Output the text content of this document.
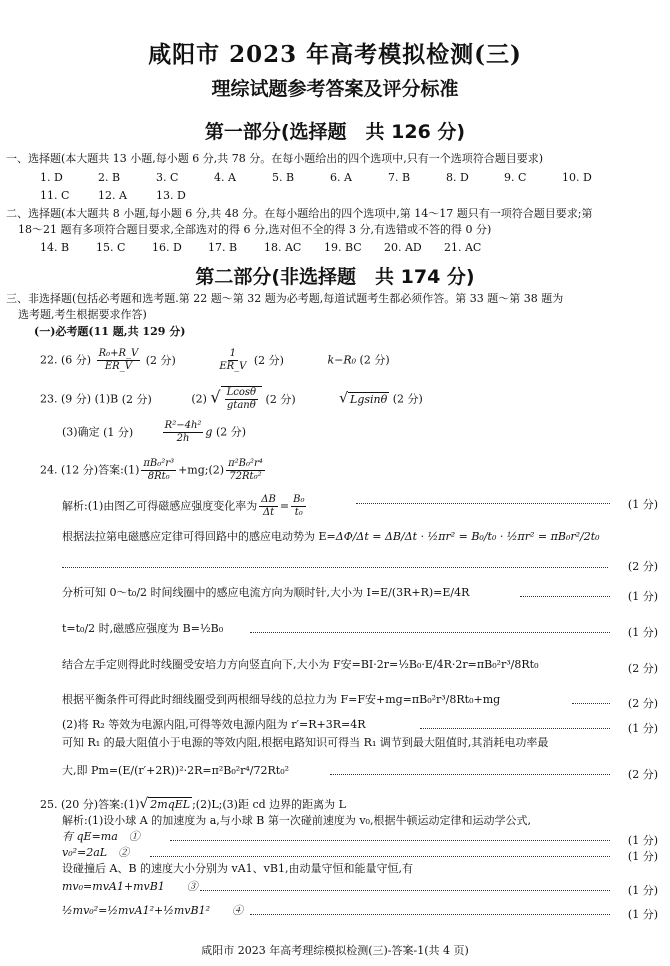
咸阳市 2023 年高考模拟检测(三)
理综试题参考答案及评分标准
第一部分(选择题　共 126 分)
一、选择题(本大题共 13 小题,每小题 6 分,共 78 分。在每小题给出的四个选项中,只有一个选项符合题目要求)
1. D	2. B	3. C	4. A	5. B	6. A	7. B	8. D	9. C	10. D
11. C	12. A	13. D
二、选择题(本大题共 8 小题,每小题 6 分,共 48 分。在每小题给出的四个选项中,第 14～17 题只有一项符合题目要求;第
18～21 题有多项符合题目要求,全部选对的得 6 分,选对但不全的得 3 分,有选错或不答的得 0 分)
14. B 15. C 16. D 17. B 18. AC 19. BC 20. AD 21. AC
第二部分(非选择题　共 174 分)
三、非选择题(包括必考题和选考题.第 22 题～第 32 题为必考题,每道试题考生都必须作答。第 33 题～第 38 题为
选考题,考生根据要求作答)
(一)必考题(11 题,共 129 分)
22. (6 分) $\frac{\text{R₀+R\_V}}{ER\_V} (2$ 分)	$\frac{1}{ER\_V} (2$ 分)	k−R₀ (2 分)
23. (9 分) (1)B (2 分)	(2) √ $\frac{Lcos\theta}{gtan\theta} (2$ 分)	√ Lgsinθ (2 分)
(3)确定 (1 分)	$\frac{\text{R²−4h²}}{2h}$ g (2 分)
24. (12 分)答案:(1) $\frac{\text{πB₀²r³}}{\text{8Rt₀}}$ +mg;(2) $\frac{\text{π²B₀²r⁴}}{\text{72Rt₀²}}$
解析:(1)由图乙可得磁感应强度变化率为 $\frac{\Delta B}{\Delta t} = \frac{\text{B₀}}{\text{t₀}}$	(1 分)
根据法拉第电磁感应定律可得回路中的感应电动势为 E=ΔΦ/Δt = ΔB/Δt · ½πr² = B₀/t₀ · ½πr² = πB₀r²/2t₀
(2 分)
分析可知 0～t₀/2 时间线圈中的感应电流方向为顺时针,大小为 I=E/(3R+R)=E/4R	(1 分)
t=t₀/2 时,磁感应强度为 B=½B₀	(1 分)
结合左手定则得此时线圈受安培力方向竖直向下,大小为 F安=BI·2r=½B₀·E/4R·2r=πB₀²r³/8Rt₀	(2 分)
根据平衡条件可得此时细线圈受到两根细导线的总拉力为 F=F安+mg=πB₀²r³/8Rt₀+mg	(2 分)
(2)将 R₂ 等效为电源内阻,可得等效电源内阻为 r′=R+3R=4R	(1 分)
可知 R₁ 的最大阻值小于电源的等效内阻,根据电路知识可得当 R₁ 调节到最大阻值时,其消耗电功率最
大,即 Pm=(E/(r′+2R))²·2R=π²B₀²r⁴/72Rt₀²	(2 分)
25. (20 分)答案:(1)√ 2mqEL ;(2)L;(3)距 cd 边界的距离为 L
解析:(1)设小球 A 的加速度为 a,与小球 B 第一次碰前速度为 v₀,根据牛顿运动定律和运动学公式,
有 qE=ma　①	(1 分)
v₀²=2aL　②	(1 分)
设碰撞后 A、B 的速度大小分别为 vA1、vB1,由动量守恒和能量守恒,有
mv₀=mvA1+mvB1　　③	(1 分)
½mv₀²=½mvA1²+½mvB1²　　④	(1 分)
咸阳市 2023 年高考理综模拟检测(三)-答案-1(共 4 页)
